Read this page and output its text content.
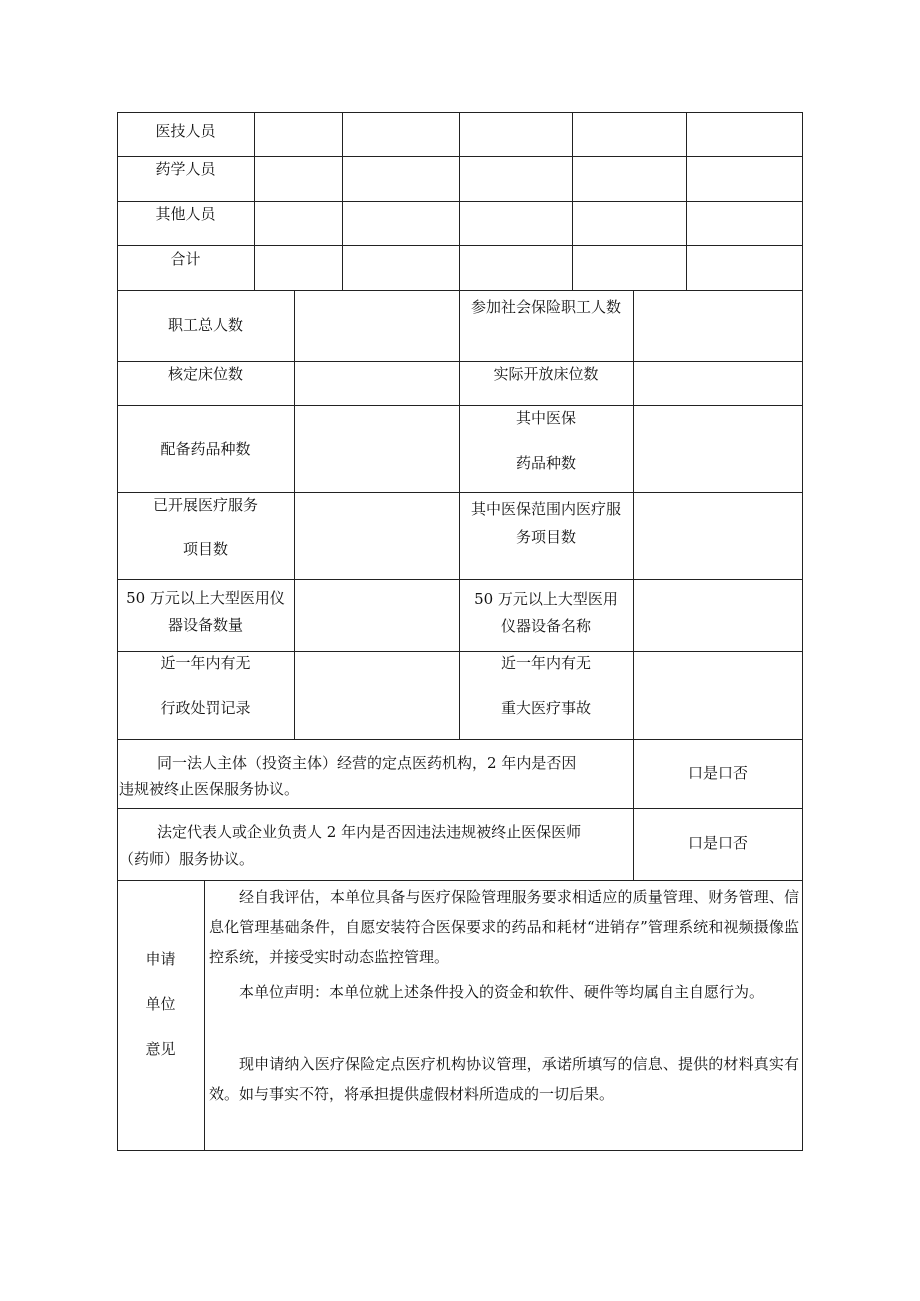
医技人员
药学人员
其他人员
合计
职工总人数
参加社会保险职工人数
核定床位数	实际开放床位数
配备药品种数
其中医保
药品种数
已开展医疗服务
项目数
其中医保范围内医疗服
务项目数
50 万元以上大型医用仪
器设备数量
50 万元以上大型医用
仪器设备名称
近一年内有无
行政处罚记录
近一年内有无
重大医疗事故
同一法人主体（投资主体）经营的定点医药机构，2 年内是否因
违规被终止医保服务协议。
口是口否
法定代表人或企业负责人 2 年内是否因违法违规被终止医保医师
（药师）服务协议。
口是口否
申请
单位
意见
经自我评估，本单位具备与医疗保险管理服务要求相适应的质量管理、财务管理、信息化管理基础条件，自愿安装符合医保要求的药品和耗材“进销存”管理系统和视频摄像监控系统，并接受实时动态监控管理。
本单位声明：本单位就上述条件投入的资金和软件、硬件等均属自主自愿行为。
现申请纳入医疗保险定点医疗机构协议管理，承诺所填写的信息、提供的材料真实有效。如与事实不符，将承担提供虚假材料所造成的一切后果。
